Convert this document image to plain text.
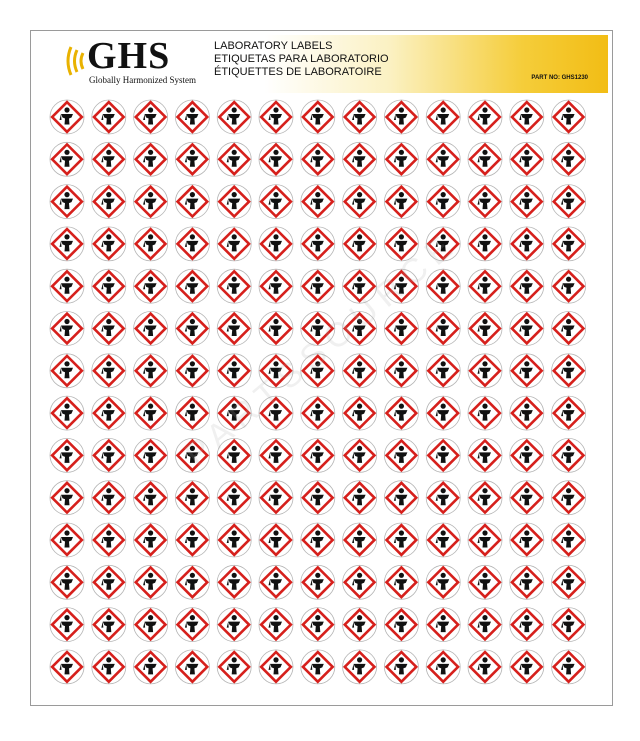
GHS
Globally Harmonized System
LABORATORY LABELS
ETIQUETAS PARA LABORATORIO
ÉTIQUETTES DE LABORATOIRE	PART NO: GHS1230
